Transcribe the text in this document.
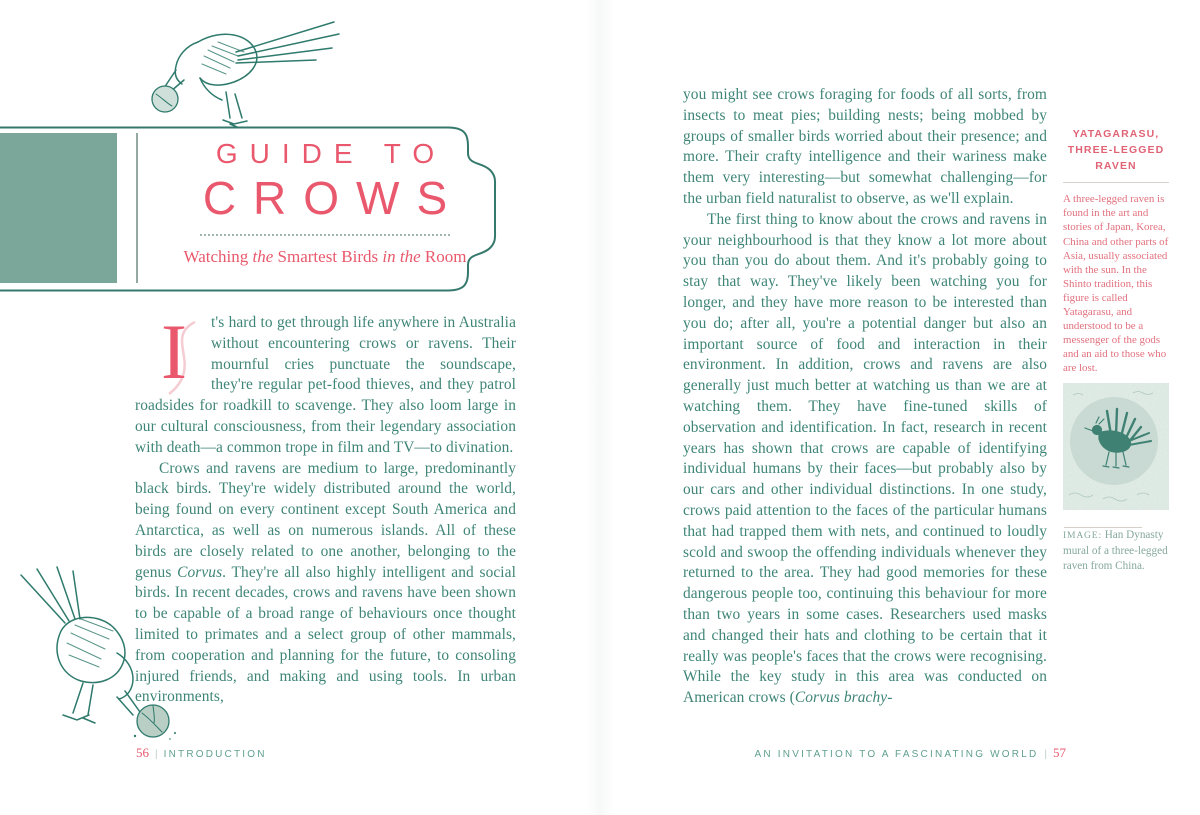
GUIDE TO
CROWS
Watching the Smartest Birds in the Room

I t's hard to get through life anywhere in Australia without encountering crows or ravens. Their mournful cries punctuate the soundscape, they're regular pet-food thieves, and they patrol roadsides for roadkill to scavenge. They also loom large in our cultural consciousness, from their legendary association with death—a common trope in film and TV—to divination.

Crows and ravens are medium to large, predominantly black birds. They're widely distributed around the world, being found on every continent except South America and Antarctica, as well as on numerous islands. All of these birds are closely related to one another, belonging to the genus Corvus. They're all also highly intelligent and social birds. In recent decades, crows and ravens have been shown to be capable of a broad range of behaviours once thought limited to primates and a select group of other mammals, from cooperation and planning for the future, to consoling injured friends, and making and using tools. In urban environments,

56 | INTRODUCTION

you might see crows foraging for foods of all sorts, from insects to meat pies; building nests; being mobbed by groups of smaller birds worried about their presence; and more. Their crafty intelligence and their wariness make them very interesting—but somewhat challenging—for the urban field naturalist to observe, as we'll explain.

The first thing to know about the crows and ravens in your neighbourhood is that they know a lot more about you than you do about them. And it's probably going to stay that way. They've likely been watching you for longer, and they have more reason to be interested than you do; after all, you're a potential danger but also an important source of food and interaction in their environment. In addition, crows and ravens are also generally just much better at watching us than we are at watching them. They have fine-tuned skills of observation and identification. In fact, research in recent years has shown that crows are capable of identifying individual humans by their faces—but probably also by our cars and other individual distinctions. In one study, crows paid attention to the faces of the particular humans that had trapped them with nets, and continued to loudly scold and swoop the offending individuals whenever they returned to the area. They had good memories for these dangerous people too, continuing this behaviour for more than two years in some cases. Researchers used masks and changed their hats and clothing to be certain that it really was people's faces that the crows were recognising. While the key study in this area was conducted on American crows (Corvus brachy-

YATAGARASU, THREE-LEGGED RAVEN
A three-legged raven is found in the art and stories of Japan, Korea, China and other parts of Asia, usually associated with the sun. In the Shinto tradition, this figure is called Yatagarasu, and understood to be a messenger of the gods and an aid to those who are lost.
IMAGE: Han Dynasty mural of a three-legged raven from China.
AN INVITATION TO A FASCINATING WORLD | 57
